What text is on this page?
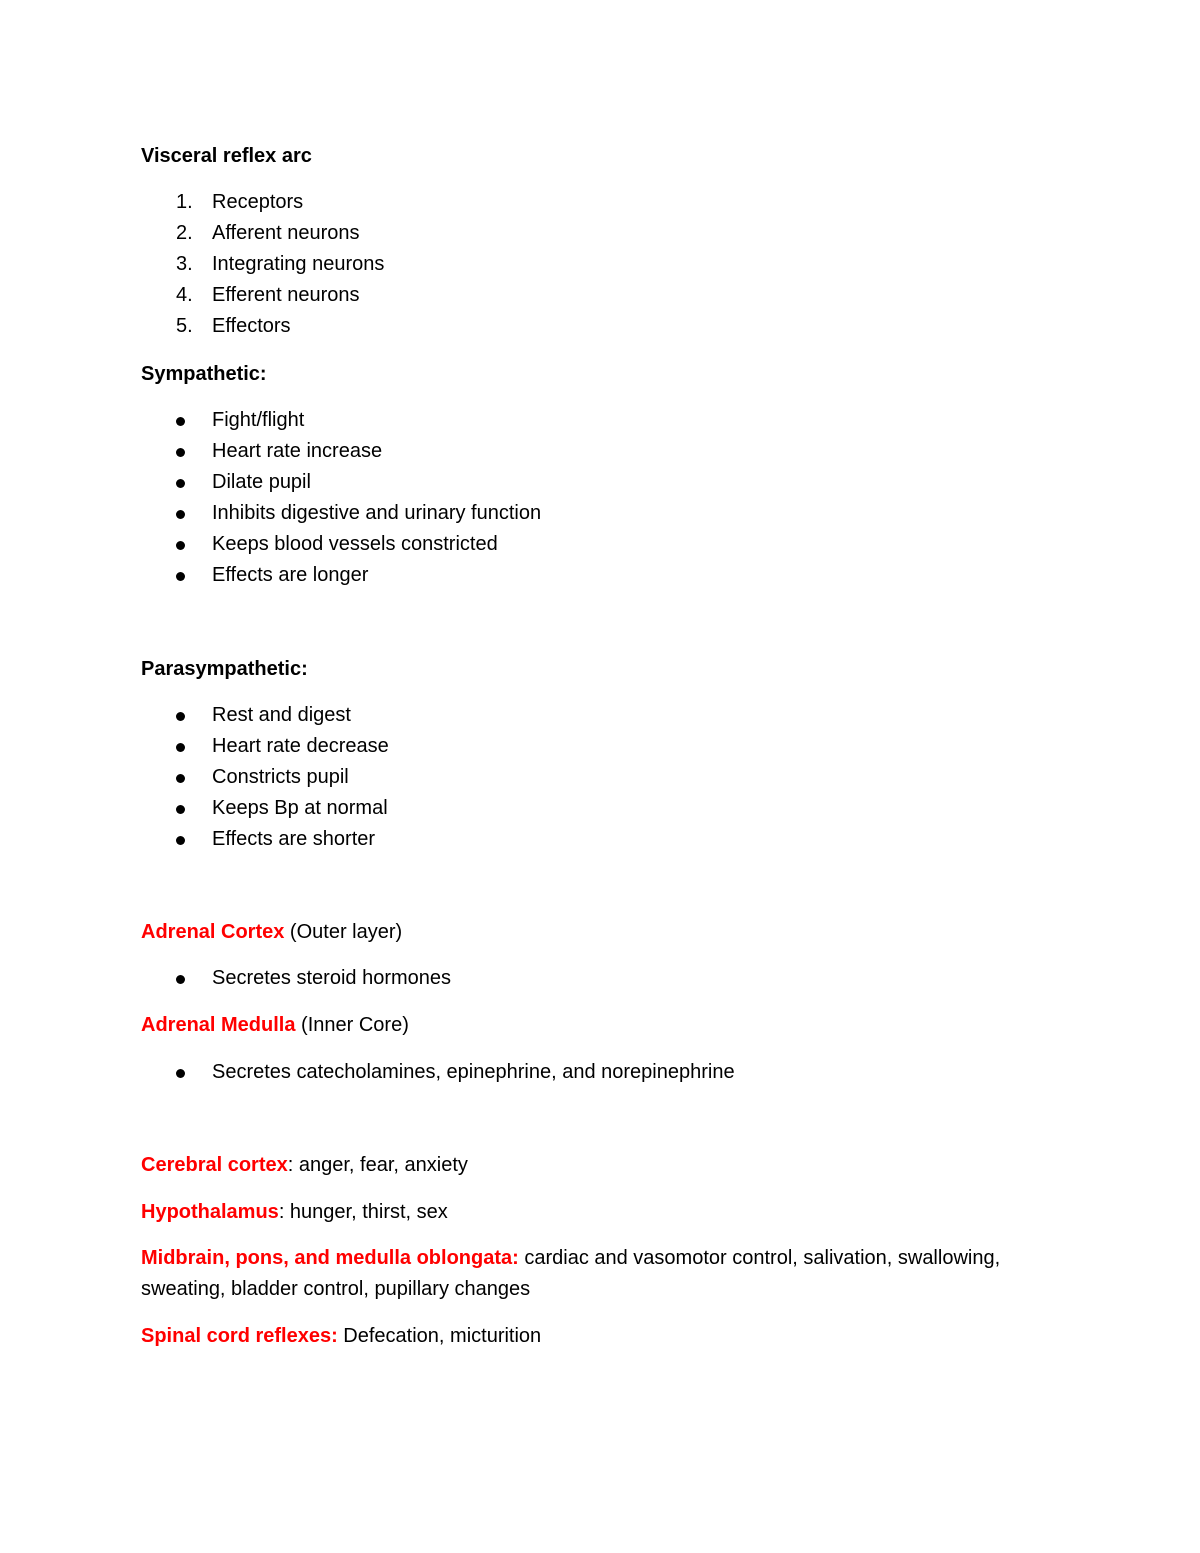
Visceral reflex arc
1. Receptors
2. Afferent neurons
3. Integrating neurons
4. Efferent neurons
5. Effectors
Sympathetic:
Fight/flight
Heart rate increase
Dilate pupil
Inhibits digestive and urinary function
Keeps blood vessels constricted
Effects are longer
Parasympathetic:
Rest and digest
Heart rate decrease
Constricts pupil
Keeps Bp at normal
Effects are shorter
Adrenal Cortex (Outer layer)
Secretes steroid hormones
Adrenal Medulla (Inner Core)
Secretes catecholamines, epinephrine, and norepinephrine
Cerebral cortex: anger, fear, anxiety
Hypothalamus: hunger, thirst, sex
Midbrain, pons, and medulla oblongata: cardiac and vasomotor control, salivation, swallowing, sweating, bladder control, pupillary changes
Spinal cord reflexes: Defecation, micturition
